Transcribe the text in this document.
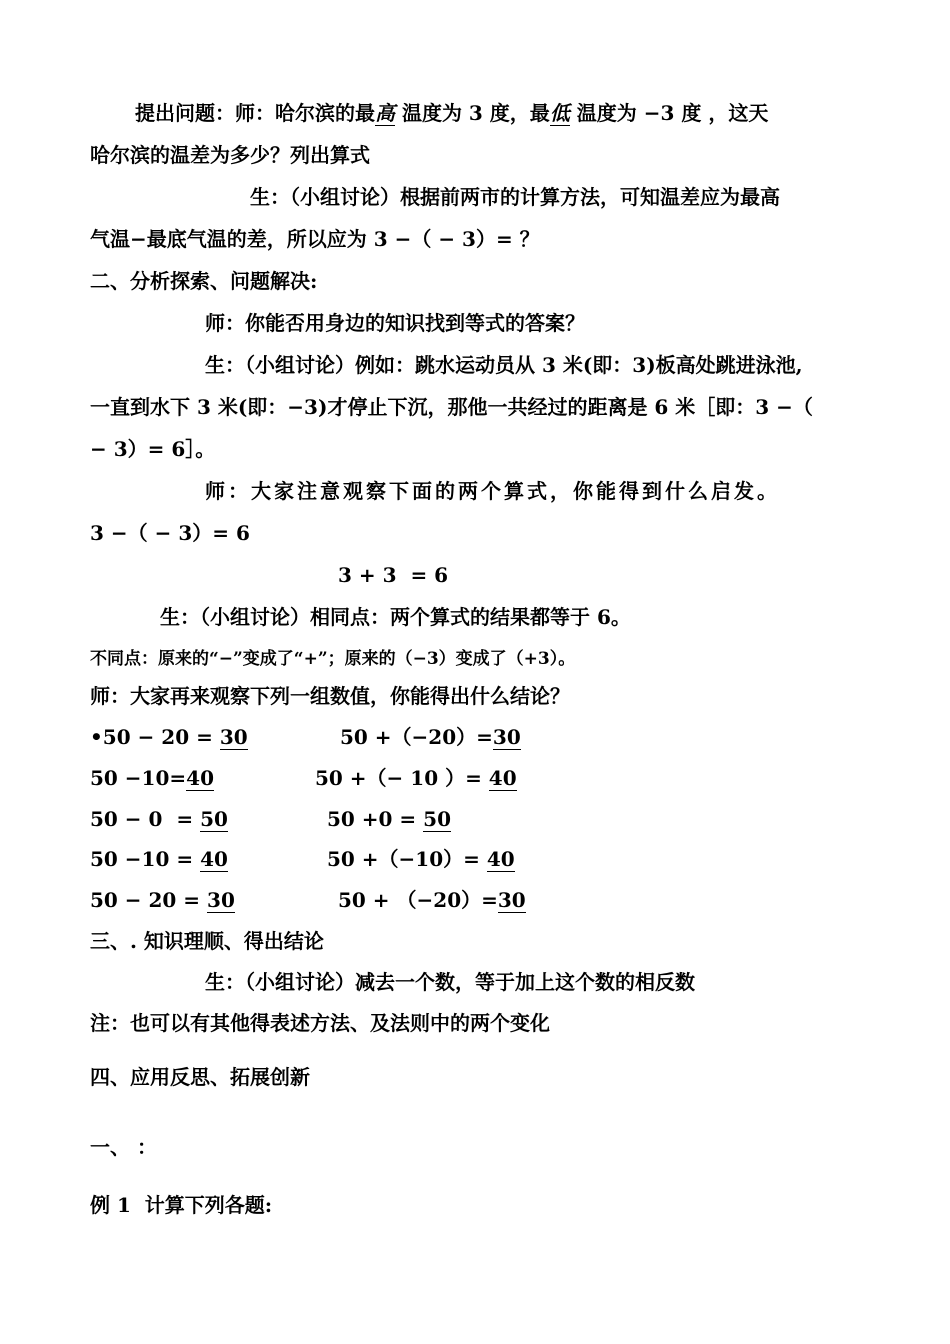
提出问题：师：哈尔滨的最高 温度为 3 度，最低 温度为 −3 度 ，这天
哈尔滨的温差为多少？列出算式
生：（小组讨论）根据前两市的计算方法，可知温差应为最高
气温−最底气温的差，所以应为 3 −（ − 3）= ？
二、分析探索、问题解决:
师：你能否用身边的知识找到等式的答案？
生：（小组讨论）例如：跳水运动员从 3 米(即：3)板高处跳进泳池,
一直到水下 3 米(即：−3)才停止下沉，那他一共经过的距离是 6 米［即：3 −（
− 3）= 6］。
师：大家注意观察下面的两个算式，你能得到什么启发。
3 −（ − 3）= 6
3 + 3  = 6
生：（小组讨论）相同点：两个算式的结果都等于 6。
不同点：原来的“−”变成了“+”；原来的（−3）变成了（+3）。
师：大家再来观察下列一组数值，你能得出什么结论？
•50 − 20 = 30	50 +（−20）=30
50 −10=40	50 +（− 10 ）= 40
50 − 0  = 50	50 +0 = 50
50 −10 = 40	50 +（−10）= 40
50 − 20 = 30	50 + （−20）=30
三、. 知识理顺、得出结论
生：（小组讨论）减去一个数，等于加上这个数的相反数
注：也可以有其他得表述方法、及法则中的两个变化
四、应用反思、拓展创新
一、 ：
例 1  计算下列各题:
